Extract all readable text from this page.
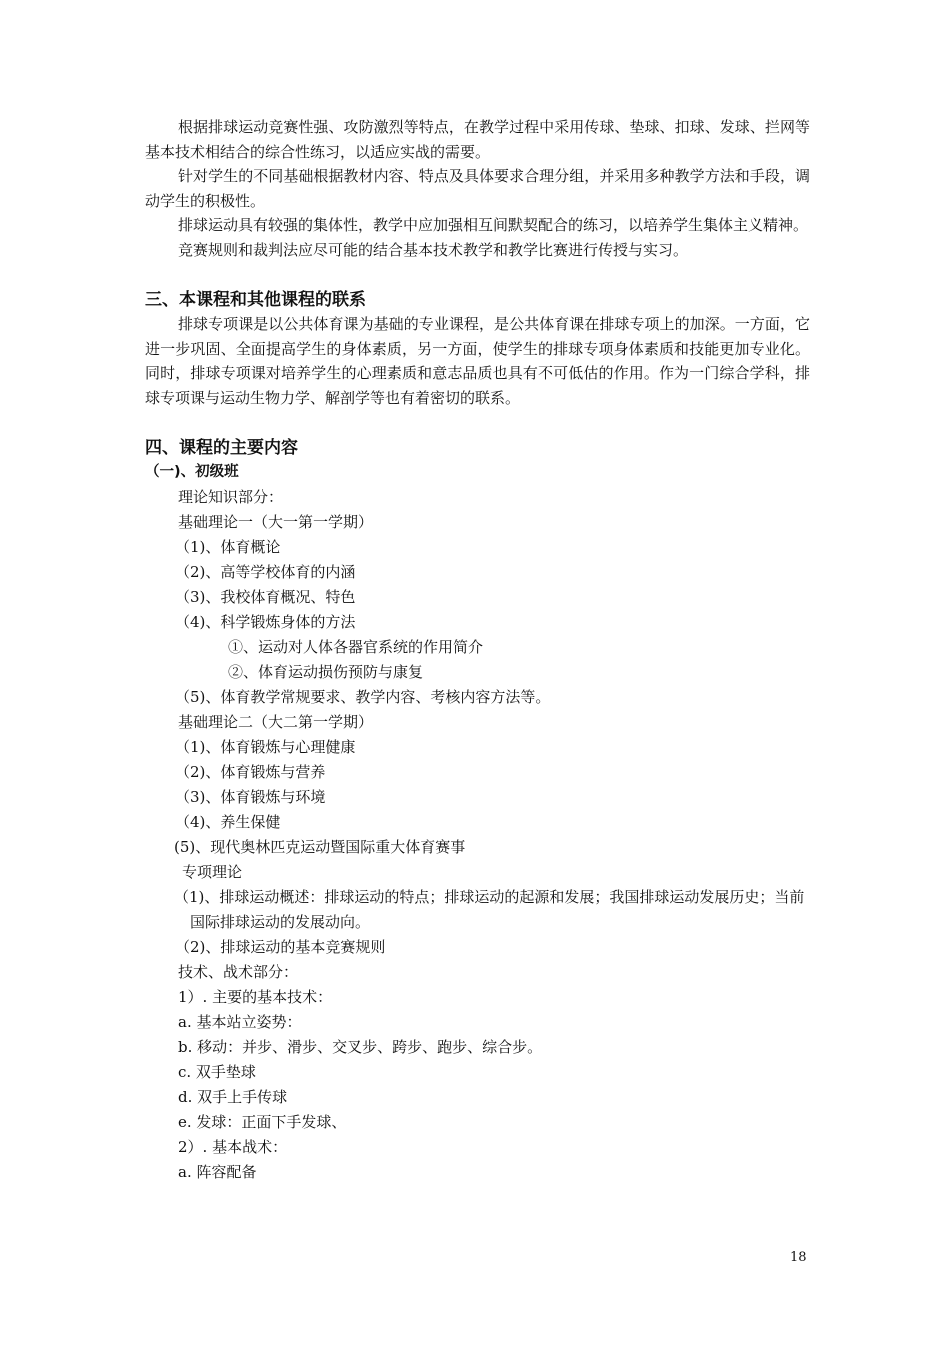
根据排球运动竞赛性强、攻防激烈等特点，在教学过程中采用传球、垫球、扣球、发球、拦网等基本技术相结合的综合性练习，以适应实战的需要。

针对学生的不同基础根据教材内容、特点及具体要求合理分组，并采用多种教学方法和手段，调动学生的积极性。

排球运动具有较强的集体性，教学中应加强相互间默契配合的练习，以培养学生集体主义精神。

竞赛规则和裁判法应尽可能的结合基本技术教学和教学比赛进行传授与实习。

三、本课程和其他课程的联系

排球专项课是以公共体育课为基础的专业课程，是公共体育课在排球专项上的加深。一方面，它进一步巩固、全面提高学生的身体素质，另一方面，使学生的排球专项身体素质和技能更加专业化。同时，排球专项课对培养学生的心理素质和意志品质也具有不可低估的作用。作为一门综合学科，排球专项课与运动生物力学、解剖学等也有着密切的联系。

四、课程的主要内容
（一)、初级班

理论知识部分：

基础理论一（大一第一学期）

（1)、体育概论

（2)、高等学校体育的内涵

（3)、我校体育概况、特色

（4)、科学锻炼身体的方法

①、运动对人体各器官系统的作用简介

②、体育运动损伤预防与康复

（5)、体育教学常规要求、教学内容、考核内容方法等。

基础理论二（大二第一学期）

（1)、体育锻炼与心理健康

（2)、体育锻炼与营养

（3)、体育锻炼与环境

（4)、养生保健

(5)、现代奥林匹克运动暨国际重大体育赛事

专项理论

（1)、排球运动概述：排球运动的特点；排球运动的起源和发展；我国排球运动发展历史；当前国际排球运动的发展动向。

（2)、排球运动的基本竞赛规则

技术、战术部分：

1）. 主要的基本技术：

a. 基本站立姿势：

b. 移动：并步、滑步、交叉步、跨步、跑步、综合步。

c. 双手垫球

d. 双手上手传球

e. 发球：正面下手发球、

2）. 基本战术：

a. 阵容配备

18
